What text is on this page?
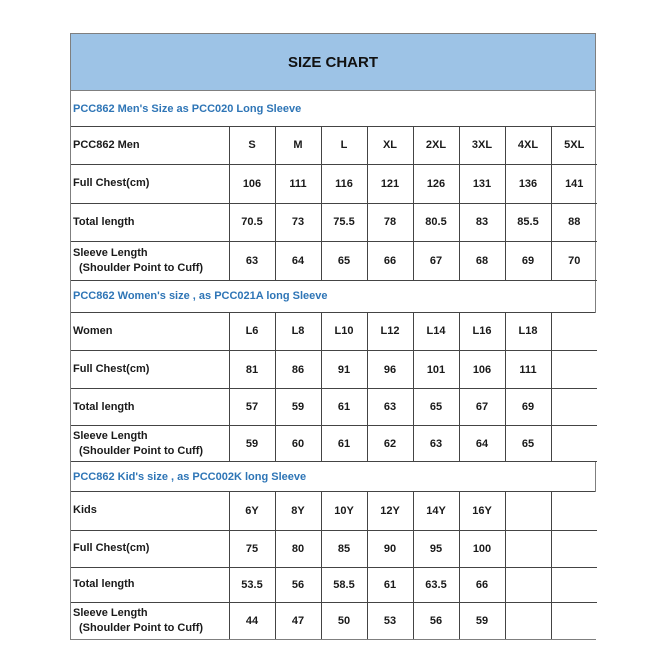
SIZE CHART
PCC862 Men's Size as PCC020 Long Sleeve
PCC862 Men	S	M	L	XL	2XL	3XL	4XL	5XL
Full Chest(cm)	106	111	116	121	126	131	136	141
Total length	70.5	73	75.5	78	80.5	83	85.5	88
Sleeve Length
(Shoulder Point to Cuff)	63	64	65	66	67	68	69	70
PCC862 Women's size , as PCC021A long Sleeve
Women	L6	L8	L10	L12	L14	L16	L18	
Full Chest(cm)	81	86	91	96	101	106	111	
Total length	57	59	61	63	65	67	69	
Sleeve Length
(Shoulder Point to Cuff)	59	60	61	62	63	64	65	
PCC862 Kid's size , as PCC002K long Sleeve
Kids	6Y	8Y	10Y	12Y	14Y	16Y		
Full Chest(cm)	75	80	85	90	95	100		
Total length	53.5	56	58.5	61	63.5	66		
Sleeve Length
(Shoulder Point to Cuff)	44	47	50	53	56	59		
